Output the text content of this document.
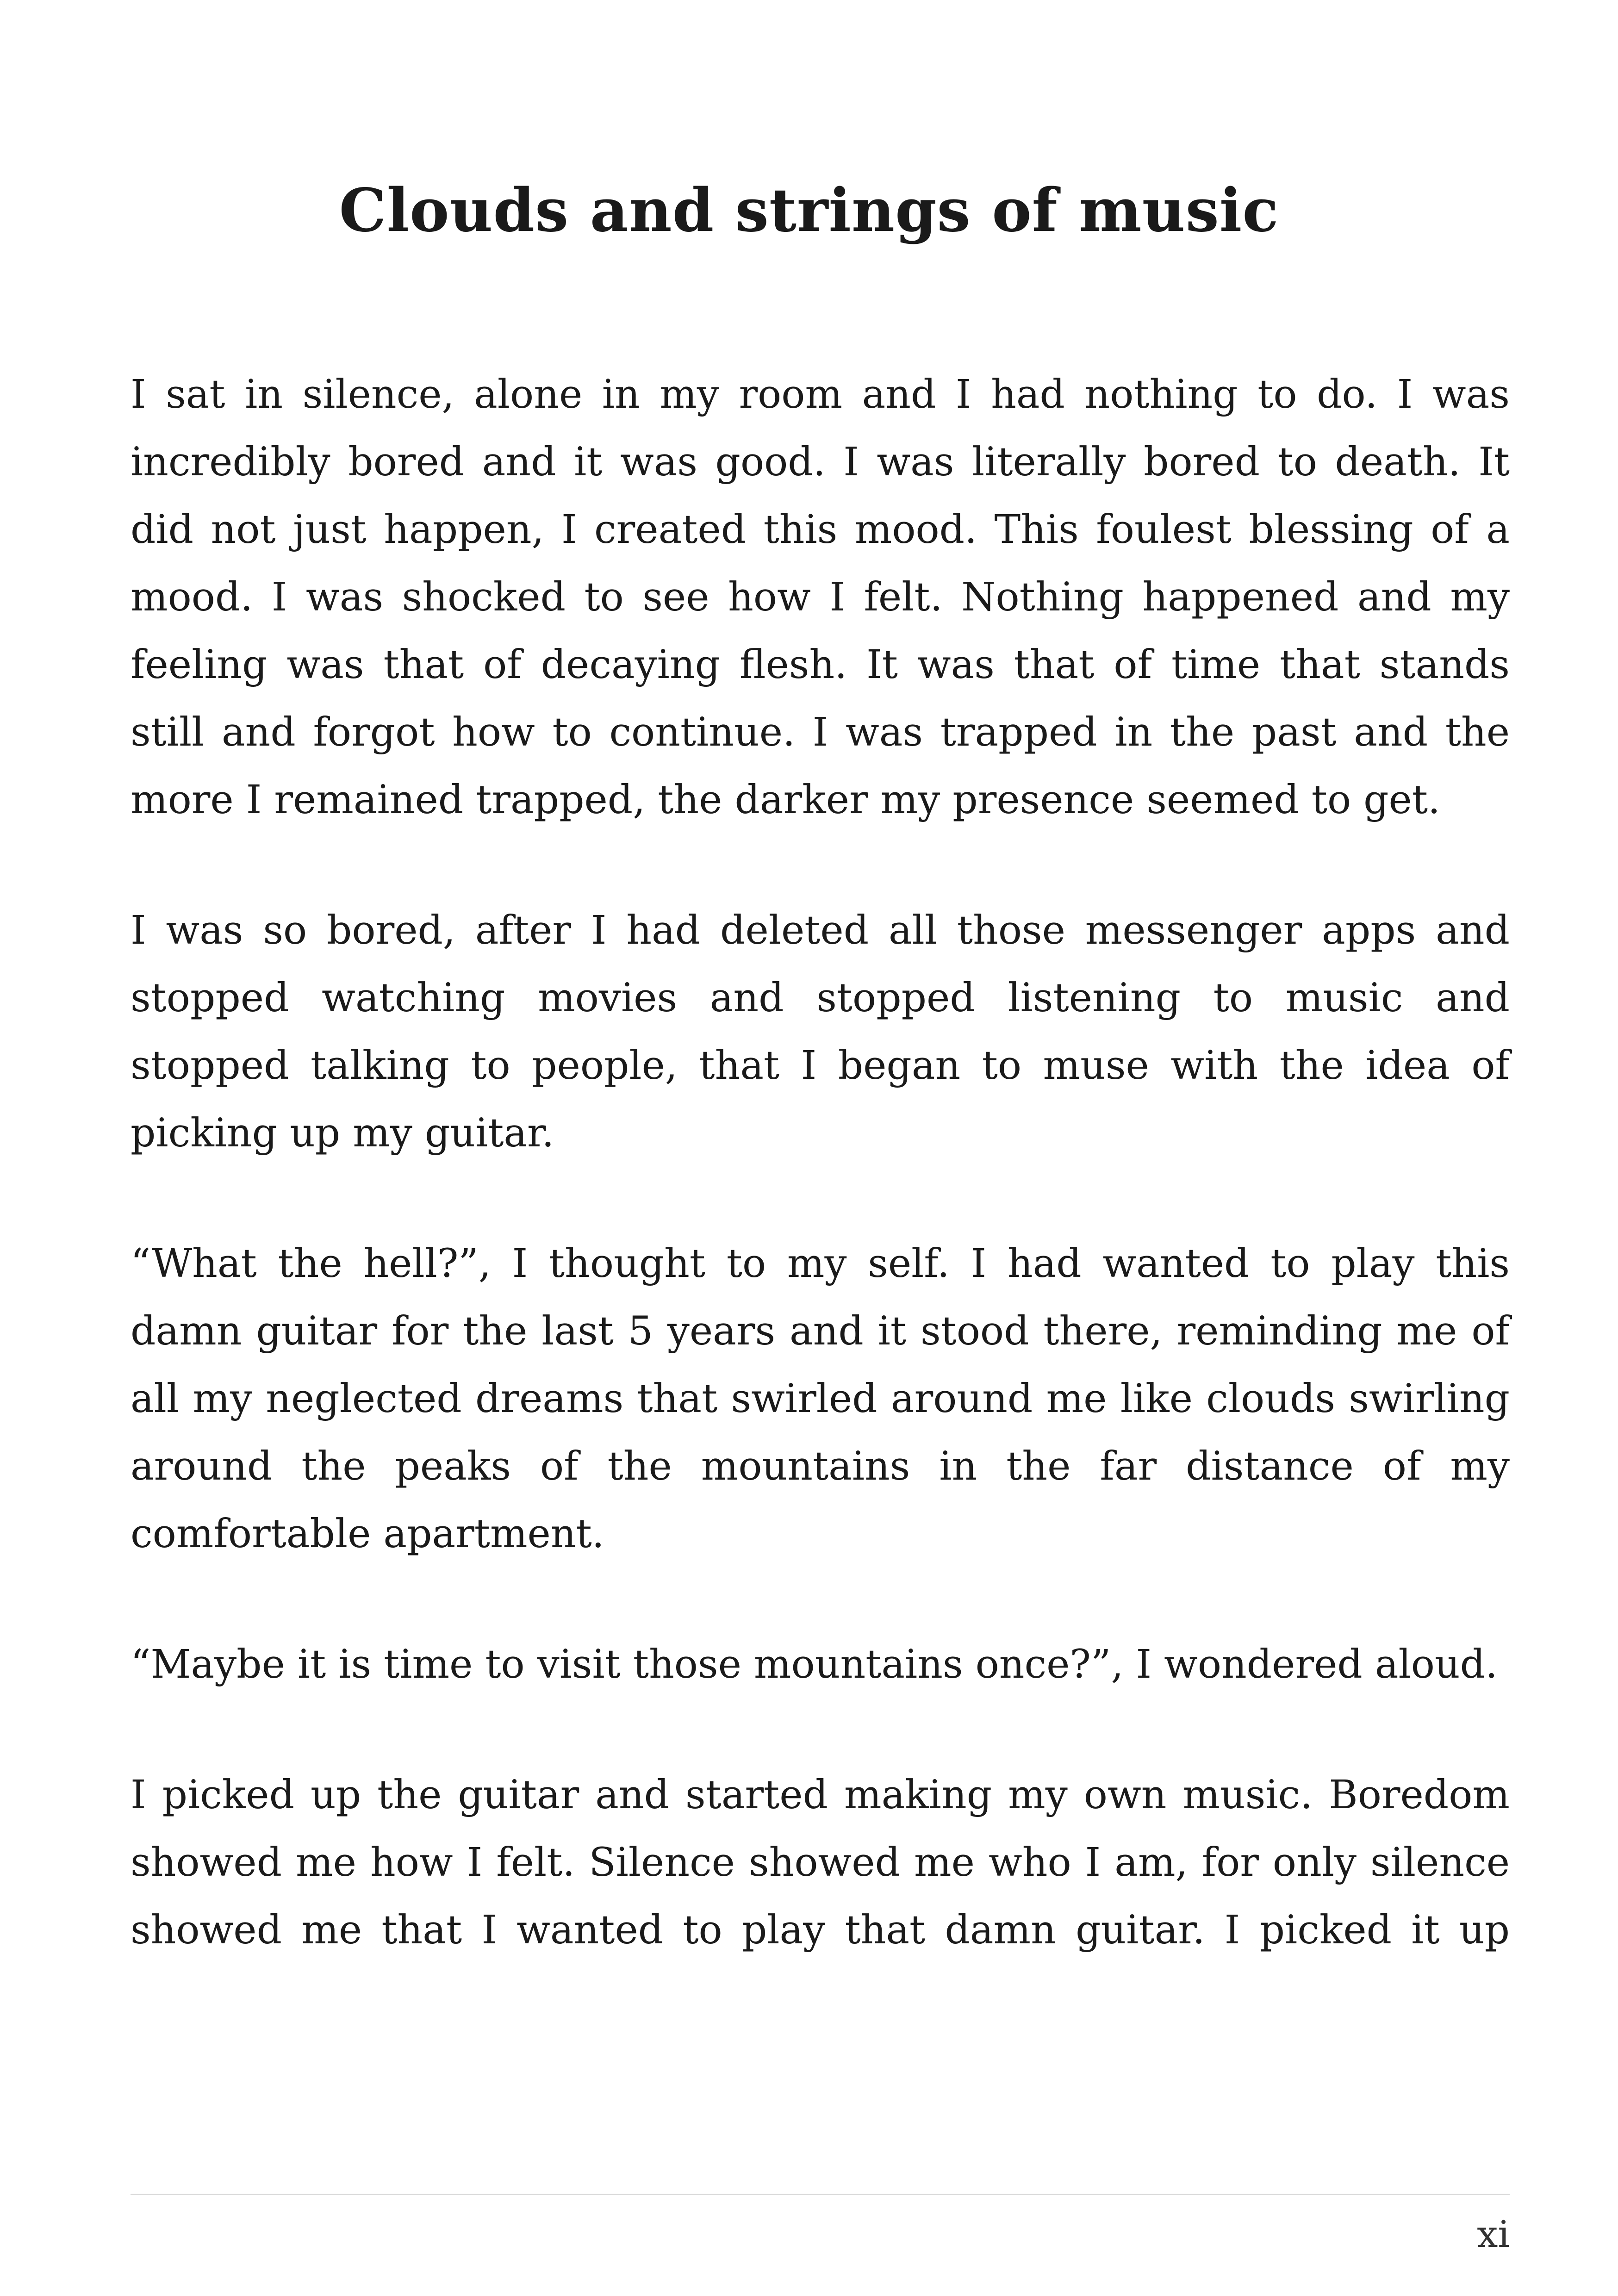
Clouds and strings of music

I sat in silence, alone in my room and I had nothing to do. I was incredibly bored and it was good. I was literally bored to death. It did not just happen, I created this mood. This foulest blessing of a mood. I was shocked to see how I felt. Nothing happened and my feeling was that of decaying flesh. It was that of time that stands still and forgot how to continue. I was trapped in the past and the more I remained trapped, the darker my presence seemed to get.

I was so bored, after I had deleted all those messenger apps and stopped watching movies and stopped listening to music and stopped talking to people, that I began to muse with the idea of picking up my guitar.

“What the hell?”, I thought to my self. I had wanted to play this damn guitar for the last 5 years and it stood there, reminding me of all my neglected dreams that swirled around me like clouds swirling around the peaks of the mountains in the far distance of my comfortable apartment.

“Maybe it is time to visit those mountains once?”, I wondered aloud.

I picked up the guitar and started making my own music. Boredom showed me how I felt. Silence showed me who I am, for only silence showed me that I wanted to play that damn guitar. I picked it up

xi
